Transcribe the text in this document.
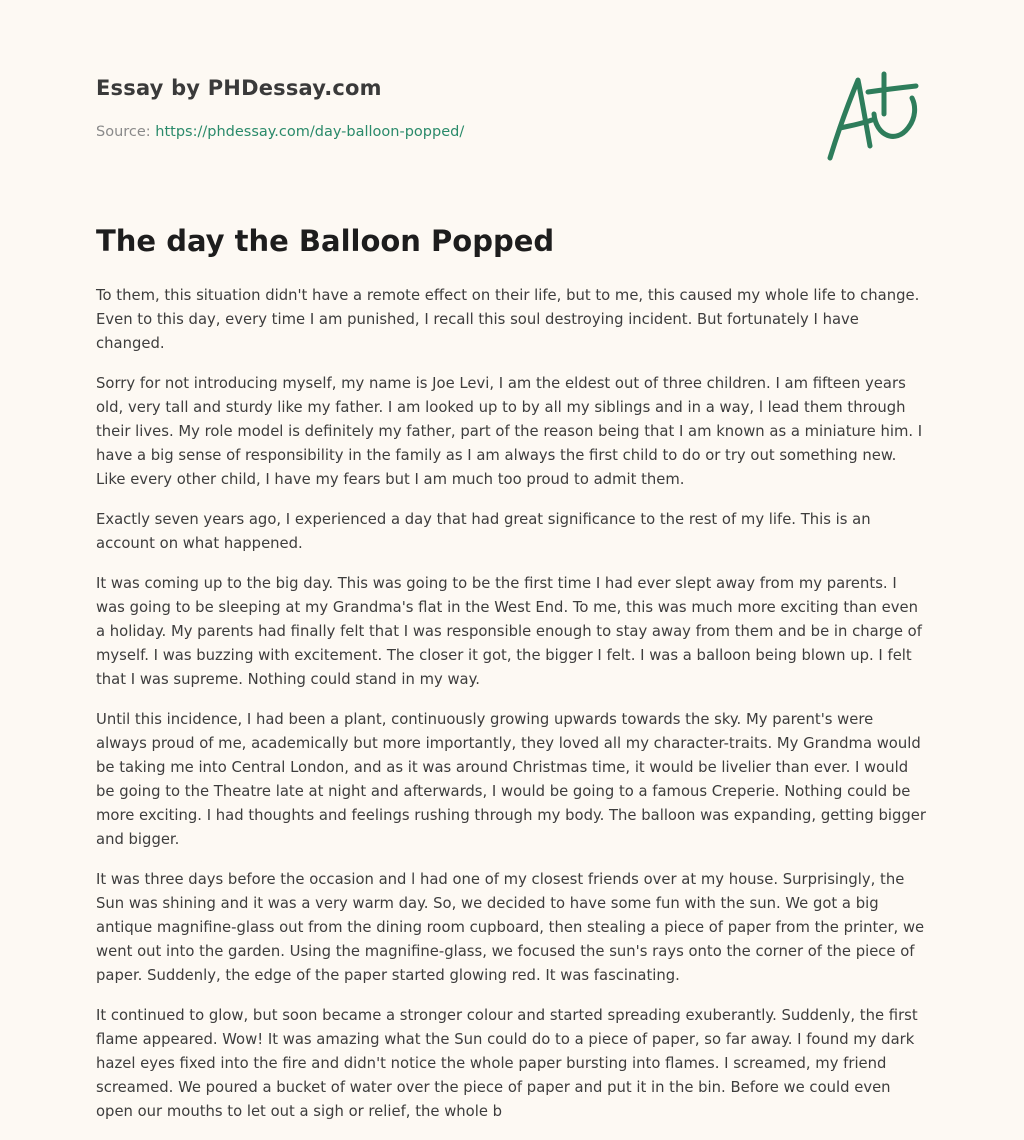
Essay by PHDessay.com
Source: https://phdessay.com/day-balloon-popped/
The day the Balloon Popped

To them, this situation didn't have a remote effect on their life, but to me, this caused my whole life to change. Even to this day, every time I am punished, I recall this soul destroying incident. But fortunately I have changed.

Sorry for not introducing myself, my name is Joe Levi, I am the eldest out of three children. I am fifteen years old, very tall and sturdy like my father. I am looked up to by all my siblings and in a way, l lead them through their lives. My role model is definitely my father, part of the reason being that I am known as a miniature him. I have a big sense of responsibility in the family as I am always the first child to do or try out something new. Like every other child, I have my fears but I am much too proud to admit them.

Exactly seven years ago, I experienced a day that had great significance to the rest of my life. This is an account on what happened.

It was coming up to the big day. This was going to be the first time I had ever slept away from my parents. I was going to be sleeping at my Grandma's flat in the West End. To me, this was much more exciting than even a holiday. My parents had finally felt that I was responsible enough to stay away from them and be in charge of myself. I was buzzing with excitement. The closer it got, the bigger I felt. I was a balloon being blown up. I felt that I was supreme. Nothing could stand in my way.

Until this incidence, I had been a plant, continuously growing upwards towards the sky. My parent's were always proud of me, academically but more importantly, they loved all my character-traits. My Grandma would be taking me into Central London, and as it was around Christmas time, it would be livelier than ever. I would be going to the Theatre late at night and afterwards, I would be going to a famous Creperie. Nothing could be more exciting. I had thoughts and feelings rushing through my body. The balloon was expanding, getting bigger and bigger.

It was three days before the occasion and l had one of my closest friends over at my house. Surprisingly, the Sun was shining and it was a very warm day. So, we decided to have some fun with the sun. We got a big antique magnifine-glass out from the dining room cupboard, then stealing a piece of paper from the printer, we went out into the garden. Using the magnifine-glass, we focused the sun's rays onto the corner of the piece of paper. Suddenly, the edge of the paper started glowing red. It was fascinating.

It continued to glow, but soon became a stronger colour and started spreading exuberantly. Suddenly, the first flame appeared. Wow! It was amazing what the Sun could do to a piece of paper, so far away. I found my dark hazel eyes fixed into the fire and didn't notice the whole paper bursting into flames. I screamed, my friend screamed. We poured a bucket of water over the piece of paper and put it in the bin. Before we could even open our mouths to let out a sigh or relief, the whole b
